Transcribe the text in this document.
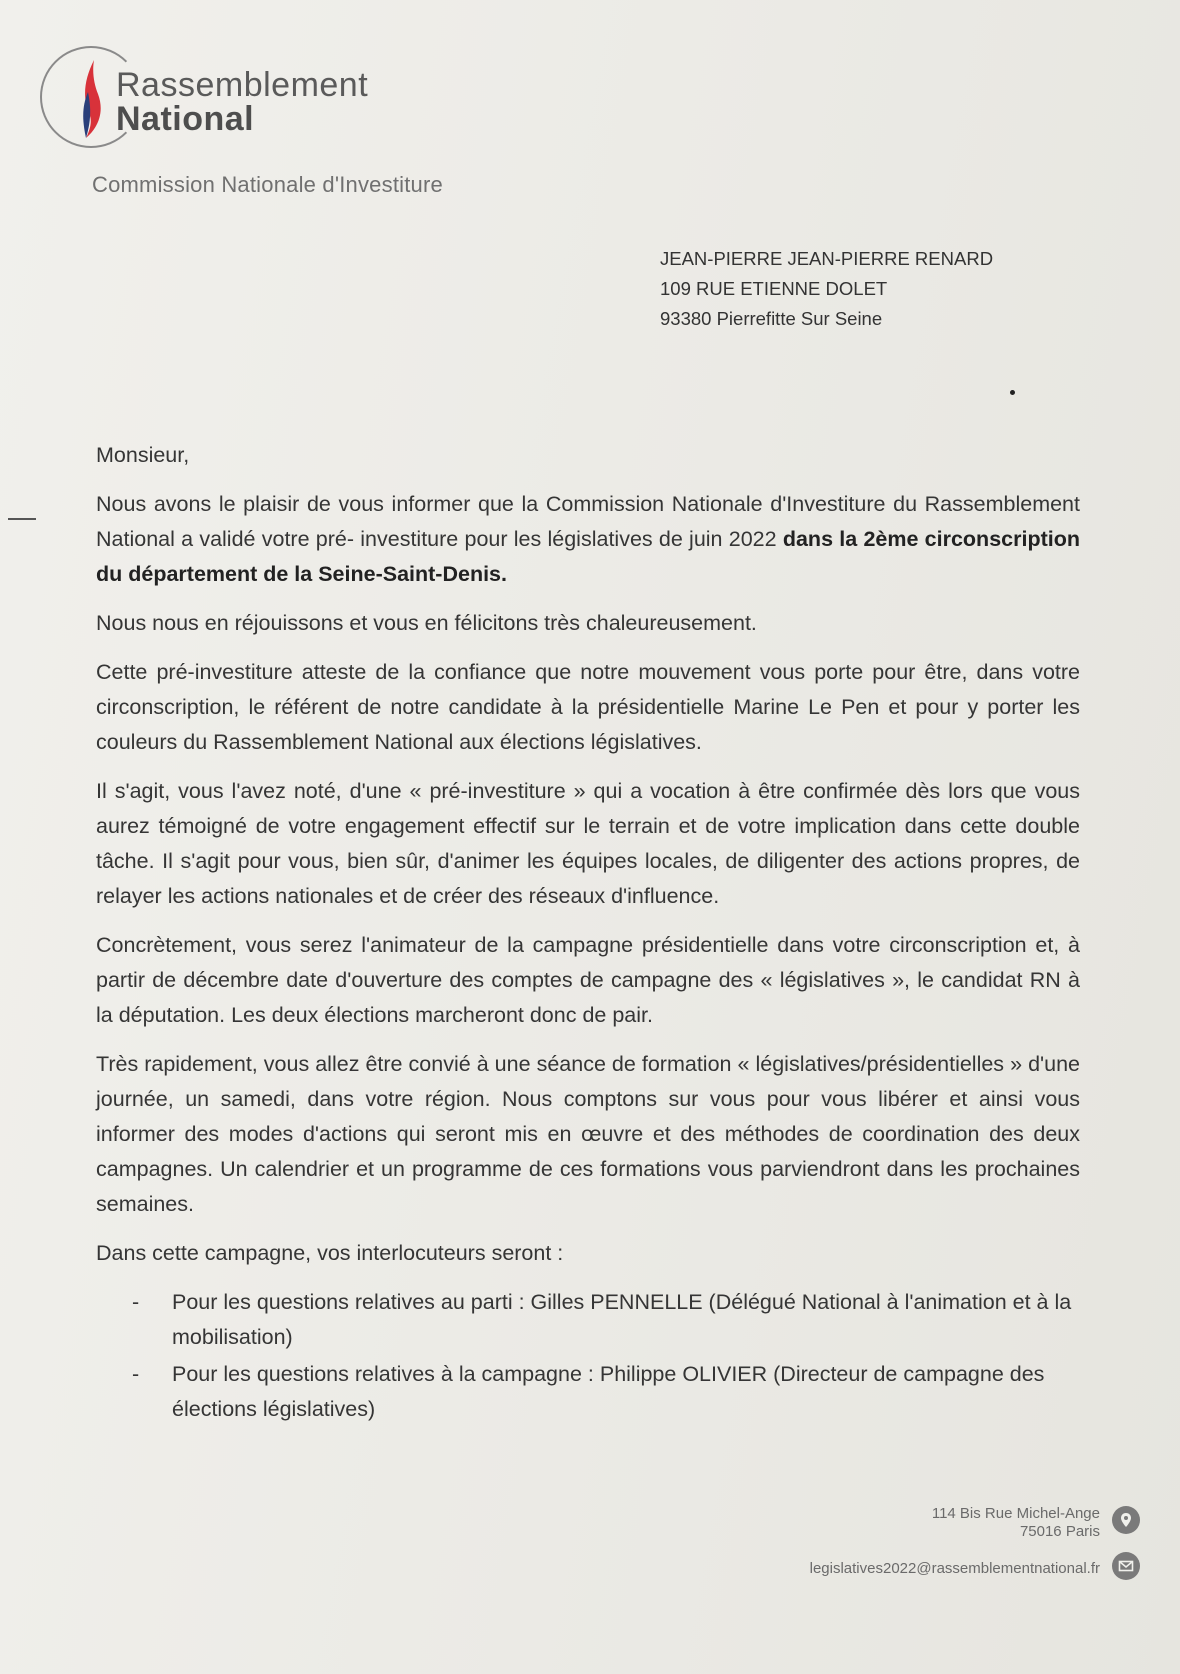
Rassemblement
National
Commission Nationale d'Investiture
JEAN-PIERRE JEAN-PIERRE RENARD
109 RUE ETIENNE DOLET
93380 Pierrefitte Sur Seine

Monsieur,

Nous avons le plaisir de vous informer que la Commission Nationale d'Investiture du Rassemblement National a validé votre pré- investiture pour les législatives de juin 2022 dans la 2ème circonscription du département de la Seine-Saint-Denis.

Nous nous en réjouissons et vous en félicitons très chaleureusement.

Cette pré-investiture atteste de la confiance que notre mouvement vous porte pour être, dans votre circonscription, le référent de notre candidate à la présidentielle Marine Le Pen et pour y porter les couleurs du Rassemblement National aux élections législatives.

Il s'agit, vous l'avez noté, d'une « pré-investiture » qui a vocation à être confirmée dès lors que vous aurez témoigné de votre engagement effectif sur le terrain et de votre implication dans cette double tâche. Il s'agit pour vous, bien sûr, d'animer les équipes locales, de diligenter des actions propres, de relayer les actions nationales et de créer des réseaux d'influence.

Concrètement, vous serez l'animateur de la campagne présidentielle dans votre circonscription et, à partir de décembre date d'ouverture des comptes de campagne des « législatives », le candidat RN à la députation. Les deux élections marcheront donc de pair.

Très rapidement, vous allez être convié à une séance de formation « législatives/présidentielles » d'une journée, un samedi, dans votre région. Nous comptons sur vous pour vous libérer et ainsi vous informer des modes d'actions qui seront mis en œuvre et des méthodes de coordination des deux campagnes. Un calendrier et un programme de ces formations vous parviendront dans les prochaines semaines.

Dans cette campagne, vos interlocuteurs seront :

- Pour les questions relatives au parti : Gilles PENNELLE (Délégué National à l'animation et à la mobilisation)
- Pour les questions relatives à la campagne : Philippe OLIVIER (Directeur de campagne des élections législatives)
114 Bis Rue Michel-Ange
75016 Paris
legislatives2022@rassemblementnational.fr
